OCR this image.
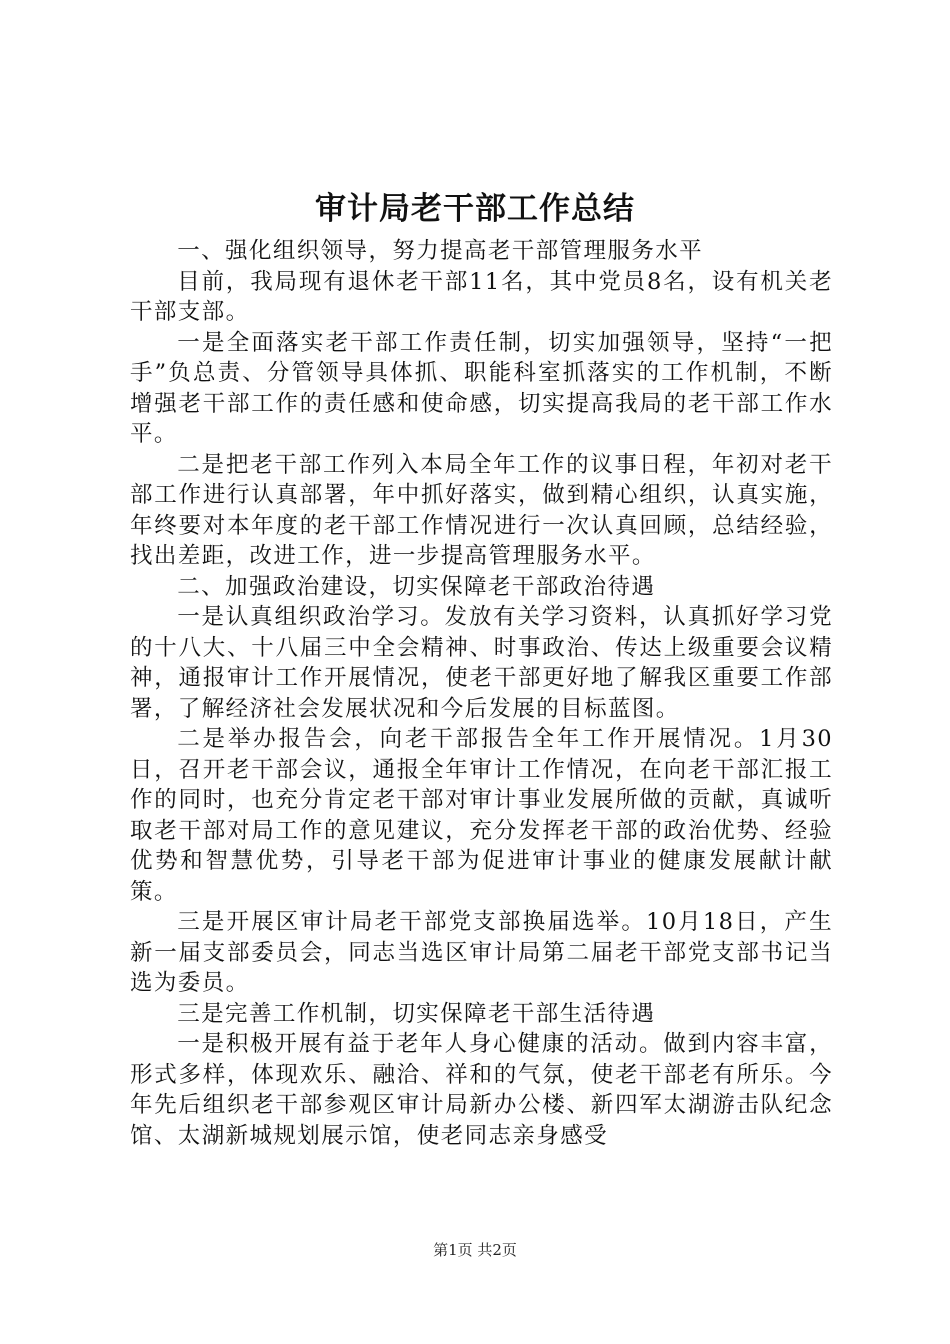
审计局老干部工作总结

一、强化组织领导，努力提高老干部管理服务水平

目前，我局现有退休老干部11名，其中党员8名，设有机关老干部支部。

一是全面落实老干部工作责任制，切实加强领导，坚持“一把手”负总责、分管领导具体抓、职能科室抓落实的工作机制，不断增强老干部工作的责任感和使命感，切实提高我局的老干部工作水平。

二是把老干部工作列入本局全年工作的议事日程，年初对老干部工作进行认真部署，年中抓好落实，做到精心组织，认真实施，年终要对本年度的老干部工作情况进行一次认真回顾，总结经验，找出差距，改进工作，进一步提高管理服务水平。

二、加强政治建设，切实保障老干部政治待遇

一是认真组织政治学习。发放有关学习资料，认真抓好学习党的十八大、十八届三中全会精神、时事政治、传达上级重要会议精神，通报审计工作开展情况，使老干部更好地了解我区重要工作部署，了解经济社会发展状况和今后发展的目标蓝图。

二是举办报告会，向老干部报告全年工作开展情况。1月30日，召开老干部会议，通报全年审计工作情况，在向老干部汇报工作的同时，也充分肯定老干部对审计事业发展所做的贡献，真诚听取老干部对局工作的意见建议，充分发挥老干部的政治优势、经验优势和智慧优势，引导老干部为促进审计事业的健康发展献计献策。

三是开展区审计局老干部党支部换届选举。10月18日，产生新一届支部委员会，同志当选区审计局第二届老干部党支部书记当选为委员。

三是完善工作机制，切实保障老干部生活待遇

一是积极开展有益于老年人身心健康的活动。做到内容丰富，形式多样，体现欢乐、融洽、祥和的气氛，使老干部老有所乐。今年先后组织老干部参观区审计局新办公楼、新四军太湖游击队纪念馆、太湖新城规划展示馆，使老同志亲身感受

第1页 共2页
